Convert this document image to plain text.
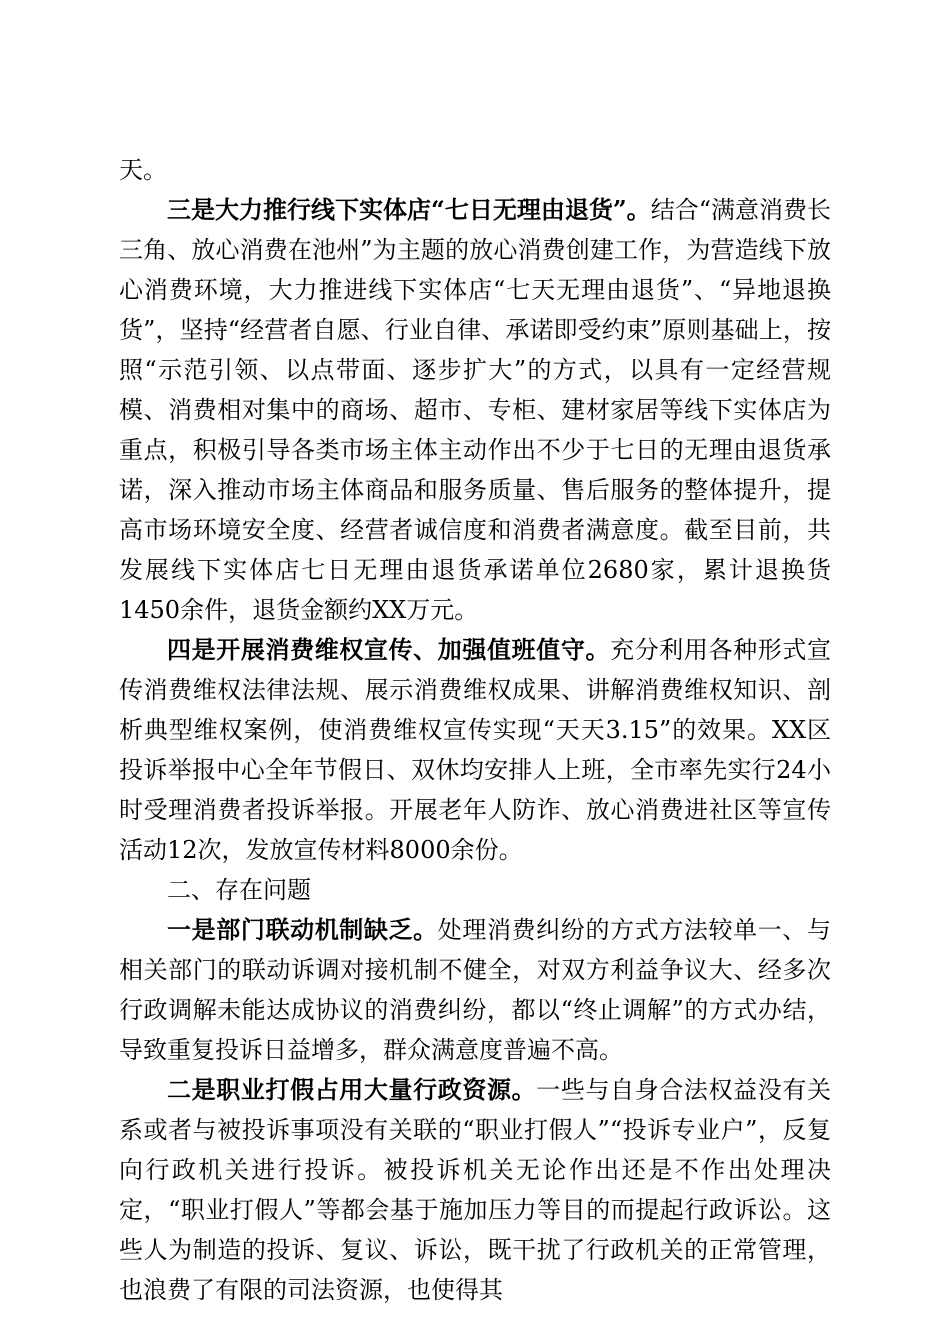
天。

三是大力推行线下实体店“七日无理由退货”。结合“满意消费长三角、放心消费在池州”为主题的放心消费创建工作，为营造线下放心消费环境，大力推进线下实体店“七天无理由退货”、“异地退换货”，坚持“经营者自愿、行业自律、承诺即受约束”原则基础上，按照“示范引领、以点带面、逐步扩大”的方式，以具有一定经营规模、消费相对集中的商场、超市、专柜、建材家居等线下实体店为重点，积极引导各类市场主体主动作出不少于七日的无理由退货承诺，深入推动市场主体商品和服务质量、售后服务的整体提升，提高市场环境安全度、经营者诚信度和消费者满意度。截至目前，共发展线下实体店七日无理由退货承诺单位2680家，累计退换货1450余件，退货金额约XX万元。

四是开展消费维权宣传、加强值班值守。充分利用各种形式宣传消费维权法律法规、展示消费维权成果、讲解消费维权知识、剖析典型维权案例，使消费维权宣传实现“天天3.15”的效果。XX区投诉举报中心全年节假日、双休均安排人上班，全市率先实行24小时受理消费者投诉举报。开展老年人防诈、放心消费进社区等宣传活动12次，发放宣传材料8000余份。

二、存在问题

一是部门联动机制缺乏。处理消费纠纷的方式方法较单一、与相关部门的联动诉调对接机制不健全，对双方利益争议大、经多次行政调解未能达成协议的消费纠纷，都以“终止调解”的方式办结，导致重复投诉日益增多，群众满意度普遍不高。

二是职业打假占用大量行政资源。一些与自身合法权益没有关系或者与被投诉事项没有关联的“职业打假人”“投诉专业户”，反复向行政机关进行投诉。被投诉机关无论作出还是不作出处理决定，“职业打假人”等都会基于施加压力等目的而提起行政诉讼。这些人为制造的投诉、复议、诉讼，既干扰了行政机关的正常管理，也浪费了有限的司法资源，也使得其
